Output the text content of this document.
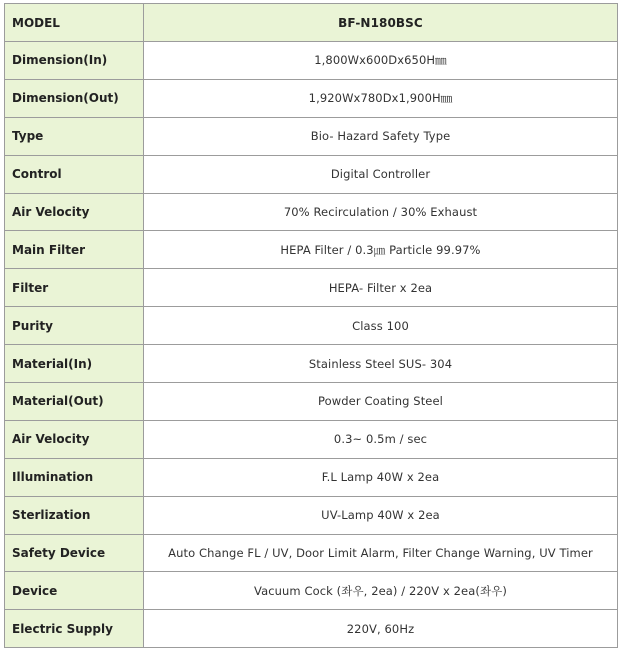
MODEL	BF-N180BSC
Dimension(In)	1,800Wx600Dx650H㎜
Dimension(Out)	1,920Wx780Dx1,900H㎜
Type	Bio- Hazard Safety Type
Control	Digital Controller
Air Velocity	70% Recirculation / 30% Exhaust
Main Filter	HEPA Filter / 0.3㎛ Particle 99.97%
Filter	HEPA- Filter x 2ea
Purity	Class 100
Material(In)	Stainless Steel SUS- 304
Material(Out)	Powder Coating Steel
Air Velocity	0.3~ 0.5m / sec
Illumination	F.L Lamp 40W x 2ea
Sterlization	UV-Lamp 40W x 2ea
Safety Device	Auto Change FL / UV, Door Limit Alarm, Filter Change Warning, UV Timer
Device	Vacuum Cock (좌우, 2ea) / 220V x 2ea(좌우)
Electric Supply	220V, 60Hz
